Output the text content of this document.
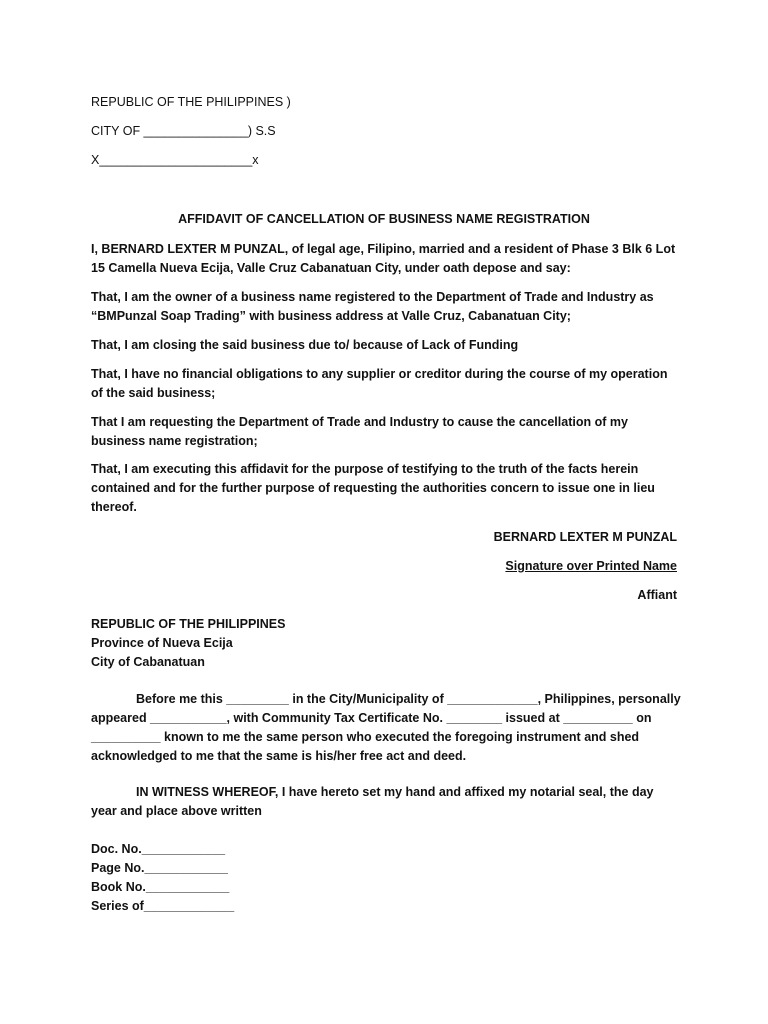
REPUBLIC OF THE PHILIPPINES )
CITY OF _______________) S.S
X______________________x
AFFIDAVIT OF CANCELLATION OF BUSINESS NAME REGISTRATION
I, BERNARD LEXTER M PUNZAL, of legal age, Filipino, married and a resident of Phase 3 Blk 6 Lot 15 Camella Nueva Ecija, Valle Cruz Cabanatuan City, under oath depose and say:
That, I am the owner of a business name registered to the Department of Trade and Industry as “BMPunzal Soap Trading” with business address at Valle Cruz, Cabanatuan City;
That, I am closing the said business due to/ because of Lack of Funding
That, I have no financial obligations to any supplier or creditor during the course of my operation of the said business;
That I am requesting the Department of Trade and Industry to cause the cancellation of my business name registration;
That, I am executing this affidavit for the purpose of testifying to the truth of the facts herein contained and for the further purpose of requesting the authorities concern to issue one in lieu thereof.
BERNARD LEXTER M PUNZAL
Signature over Printed Name
Affiant
REPUBLIC OF THE PHILIPPINES
Province of Nueva Ecija
City of Cabanatuan
Before me this _________ in the City/Municipality of _____________, Philippines, personally appeared ___________, with Community Tax Certificate No. ________ issued at __________ on __________ known to me the same person who executed the foregoing instrument and shed acknowledged to me that the same is his/her free act and deed.
IN WITNESS WHEREOF, I have hereto set my hand and affixed my notarial seal, the day year and place above written
Doc. No.____________
Page No.____________
Book No.____________
Series of_____________
